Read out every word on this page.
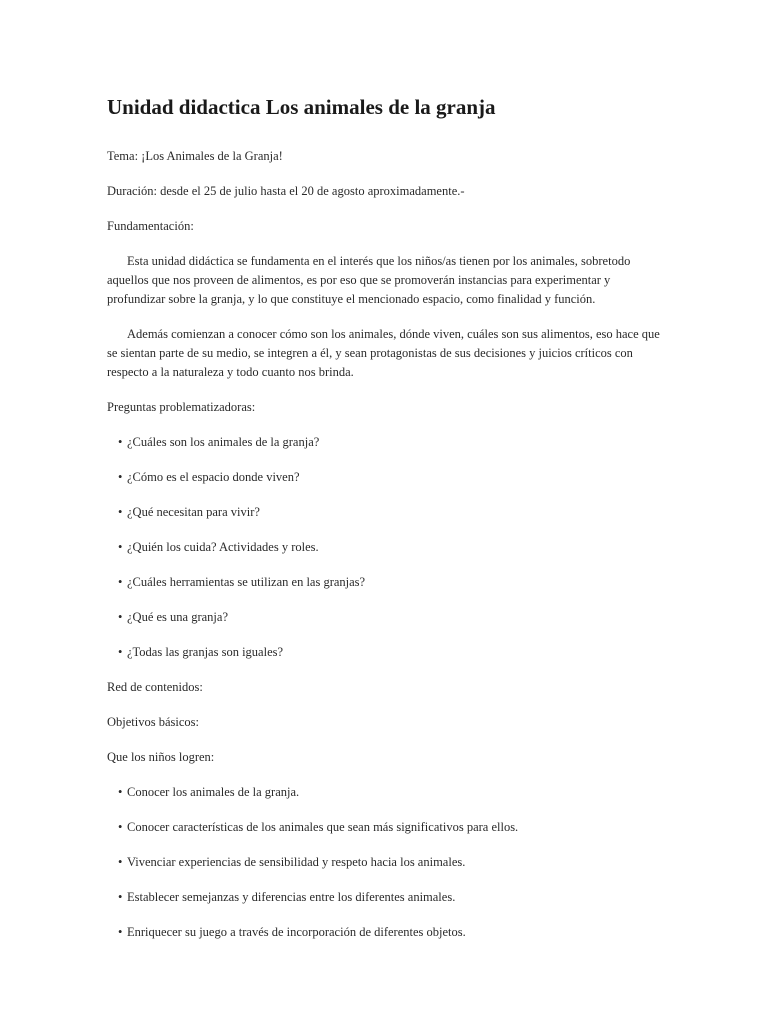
Unidad didactica Los animales de la granja

Tema: ¡Los Animales de la Granja!

Duración: desde el 25 de julio hasta el 20 de agosto aproximadamente.-

Fundamentación:

Esta unidad didáctica se fundamenta en el interés que los niños/as tienen por los animales, sobretodo aquellos que nos proveen de alimentos, es por eso que se promoverán instancias para experimentar y profundizar sobre la granja, y lo que constituye el mencionado espacio, como finalidad y función.

Además comienzan a conocer cómo son los animales, dónde viven, cuáles son sus alimentos, eso hace que se sientan parte de su medio, se integren a él, y sean protagonistas de sus decisiones y juicios críticos con respecto a la naturaleza y todo cuanto nos brinda.

Preguntas problematizadoras:

• ¿Cuáles son los animales de la granja?
• ¿Cómo es el espacio donde viven?
• ¿Qué necesitan para vivir?
• ¿Quién los cuida? Actividades y roles.
• ¿Cuáles herramientas se utilizan en las granjas?
• ¿Qué es una granja?
• ¿Todas las granjas son iguales?

Red de contenidos:

Objetivos básicos:

Que los niños logren:

• Conocer los animales de la granja.
• Conocer características de los animales que sean más significativos para ellos.
• Vivenciar experiencias de sensibilidad y respeto hacia los animales.
• Establecer semejanzas y diferencias entre los diferentes animales.
• Enriquecer su juego a través de incorporación de diferentes objetos.
